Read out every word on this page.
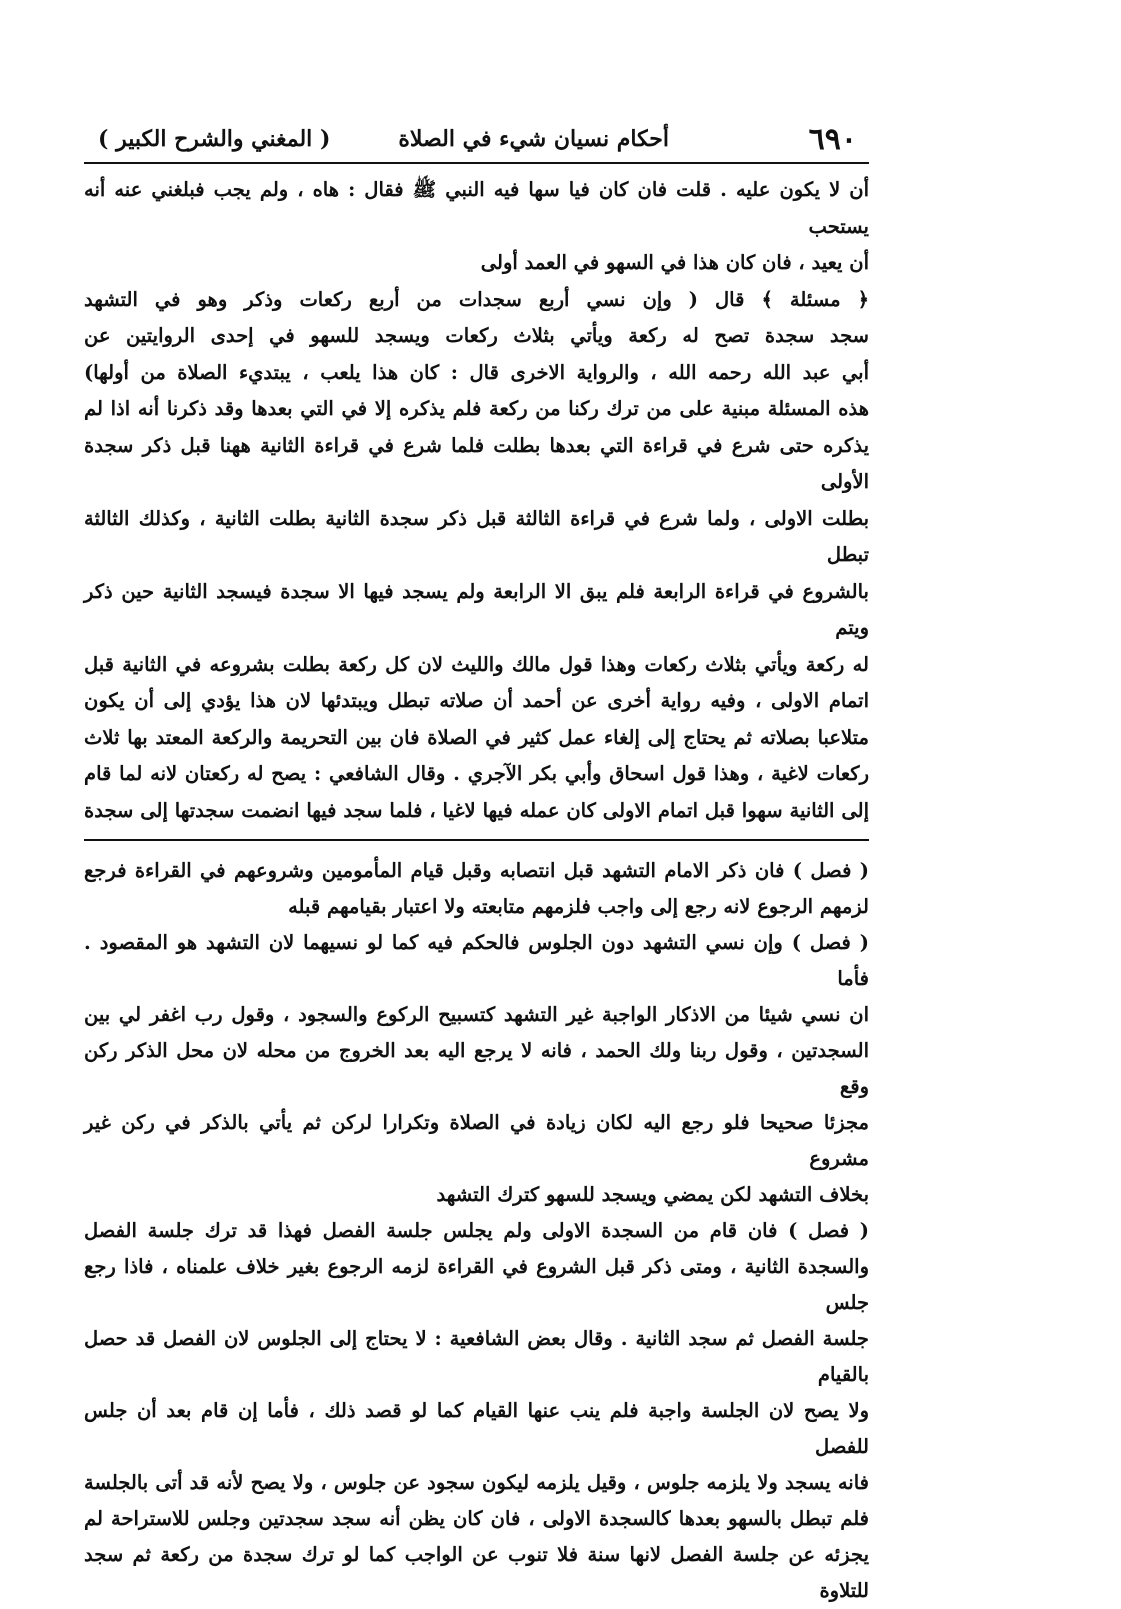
٦٩٠
أحكام نسيان شيء في الصلاة
( المغني والشرح الكبير )

أن لا يكون عليه . قلت فان كان فيا سها فيه النبي ﷺ فقال : هاه ، ولم يجب فبلغني عنه أنه يستحب

أن يعيد ، فان كان هذا في السهو في العمد أولى

﴿ مسئلة ﴾ قال ( وإن نسي أربع سجدات من أربع ركعات وذكر وهو في التشهد

سجد سجدة تصح له ركعة ويأتي بثلاث ركعات ويسجد للسهو في إحدى الروايتين عن

أبي عبد الله رحمه الله ، والرواية الاخرى قال : كان هذا يلعب ، يبتديء الصلاة من أولها)

هذه المسئلة مبنية على من ترك ركنا من ركعة فلم يذكره إلا في التي بعدها وقد ذكرنا أنه اذا لم

يذكره حتى شرع في قراءة التي بعدها بطلت فلما شرع في قراءة الثانية ههنا قبل ذكر سجدة الأولى

بطلت الاولى ، ولما شرع في قراءة الثالثة قبل ذكر سجدة الثانية بطلت الثانية ، وكذلك الثالثة تبطل

بالشروع في قراءة الرابعة فلم يبق الا الرابعة ولم يسجد فيها الا سجدة فيسجد الثانية حين ذكر ويتم

له ركعة ويأتي بثلاث ركعات وهذا قول مالك والليث لان كل ركعة بطلت بشروعه في الثانية قبل

اتمام الاولى ، وفيه رواية أخرى عن أحمد أن صلاته تبطل ويبتدئها لان هذا يؤدي إلى أن يكون

متلاعبا بصلاته ثم يحتاج إلى إلغاء عمل كثير في الصلاة فان بين التحريمة والركعة المعتد بها ثلاث

ركعات لاغية ، وهذا قول اسحاق وأبي بكر الآجري . وقال الشافعي : يصح له ركعتان لانه لما قام

إلى الثانية سهوا قبل اتمام الاولى كان عمله فيها لاغيا ، فلما سجد فيها انضمت سجدتها إلى سجدة

( فصل ) فان ذكر الامام التشهد قبل انتصابه وقبل قيام المأمومين وشروعهم في القراءة فرجع

لزمهم الرجوع لانه رجع إلى واجب فلزمهم متابعته ولا اعتبار بقيامهم قبله

( فصل ) وإن نسي التشهد دون الجلوس فالحكم فيه كما لو نسيهما لان التشهد هو المقصود . فأما

ان نسي شيئا من الاذكار الواجبة غير التشهد كتسبيح الركوع والسجود ، وقول رب اغفر لي بين

السجدتين ، وقول ربنا ولك الحمد ، فانه لا يرجع اليه بعد الخروج من محله لان محل الذكر ركن وقع

مجزئا صحيحا فلو رجع اليه لكان زيادة في الصلاة وتكرارا لركن ثم يأتي بالذكر في ركن غير مشروع

بخلاف التشهد لكن يمضي ويسجد للسهو كترك التشهد

( فصل ) فان قام من السجدة الاولى ولم يجلس جلسة الفصل فهذا قد ترك جلسة الفصل

والسجدة الثانية ، ومتى ذكر قبل الشروع في القراءة لزمه الرجوع بغير خلاف علمناه ، فاذا رجع جلس

جلسة الفصل ثم سجد الثانية . وقال بعض الشافعية : لا يحتاج إلى الجلوس لان الفصل قد حصل بالقيام

ولا يصح لان الجلسة واجبة فلم ينب عنها القيام كما لو قصد ذلك ، فأما إن قام بعد أن جلس للفصل

فانه يسجد ولا يلزمه جلوس ، وقيل يلزمه ليكون سجود عن جلوس ، ولا يصح لأنه قد أتى بالجلسة

فلم تبطل بالسهو بعدها كالسجدة الاولى ، فان كان يظن أنه سجد سجدتين وجلس للاستراحة لم

يجزئه عن جلسة الفصل لانها سنة فلا تنوب عن الواجب كما لو ترك سجدة من ركعة ثم سجد للتلاوة
